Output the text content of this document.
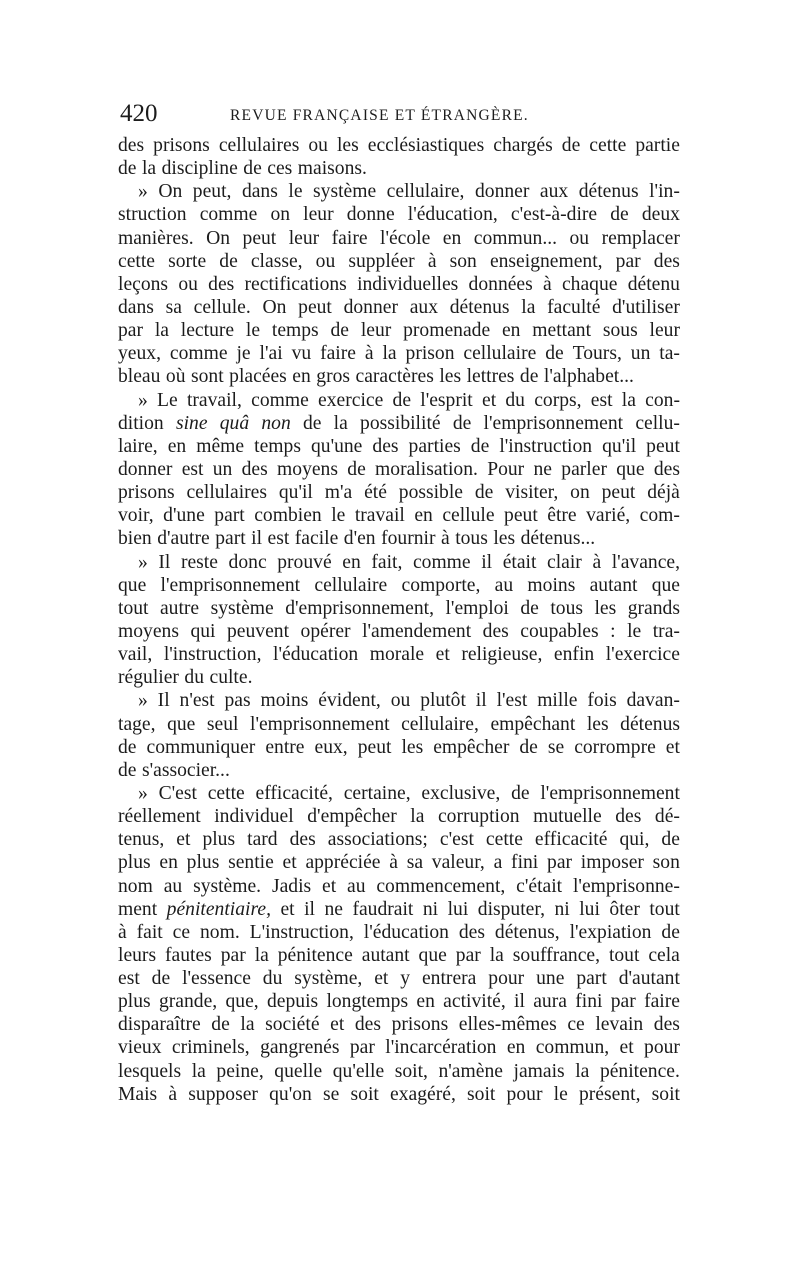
420	REVUE FRANÇAISE ET ÉTRANGÈRE.
des prisons cellulaires ou les ecclésiastiques chargés de cette partie
de la discipline de ces maisons.
» On peut, dans le système cellulaire, donner aux détenus l'in-
struction comme on leur donne l'éducation, c'est-à-dire de deux
manières. On peut leur faire l'école en commun... ou remplacer
cette sorte de classe, ou suppléer à son enseignement, par des
leçons ou des rectifications individuelles données à chaque détenu
dans sa cellule. On peut donner aux détenus la faculté d'utiliser
par la lecture le temps de leur promenade en mettant sous leur
yeux, comme je l'ai vu faire à la prison cellulaire de Tours, un ta-
bleau où sont placées en gros caractères les lettres de l'alphabet...
» Le travail, comme exercice de l'esprit et du corps, est la con-
dition sine quâ non de la possibilité de l'emprisonnement cellu-
laire, en même temps qu'une des parties de l'instruction qu'il peut
donner est un des moyens de moralisation. Pour ne parler que des
prisons cellulaires qu'il m'a été possible de visiter, on peut déjà
voir, d'une part combien le travail en cellule peut être varié, com-
bien d'autre part il est facile d'en fournir à tous les détenus...
» Il reste donc prouvé en fait, comme il était clair à l'avance,
que l'emprisonnement cellulaire comporte, au moins autant que
tout autre système d'emprisonnement, l'emploi de tous les grands
moyens qui peuvent opérer l'amendement des coupables : le tra-
vail, l'instruction, l'éducation morale et religieuse, enfin l'exercice
régulier du culte.
» Il n'est pas moins évident, ou plutôt il l'est mille fois davan-
tage, que seul l'emprisonnement cellulaire, empêchant les détenus
de communiquer entre eux, peut les empêcher de se corrompre et
de s'associer...
» C'est cette efficacité, certaine, exclusive, de l'emprisonnement
réellement individuel d'empêcher la corruption mutuelle des dé-
tenus, et plus tard des associations; c'est cette efficacité qui, de
plus en plus sentie et appréciée à sa valeur, a fini par imposer son
nom au système. Jadis et au commencement, c'était l'emprisonne-
ment pénitentiaire, et il ne faudrait ni lui disputer, ni lui ôter tout
à fait ce nom. L'instruction, l'éducation des détenus, l'expiation de
leurs fautes par la pénitence autant que par la souffrance, tout cela
est de l'essence du système, et y entrera pour une part d'autant
plus grande, que, depuis longtemps en activité, il aura fini par faire
disparaître de la société et des prisons elles-mêmes ce levain des
vieux criminels, gangrenés par l'incarcération en commun, et pour
lesquels la peine, quelle qu'elle soit, n'amène jamais la pénitence.
Mais à supposer qu'on se soit exagéré, soit pour le présent, soit
